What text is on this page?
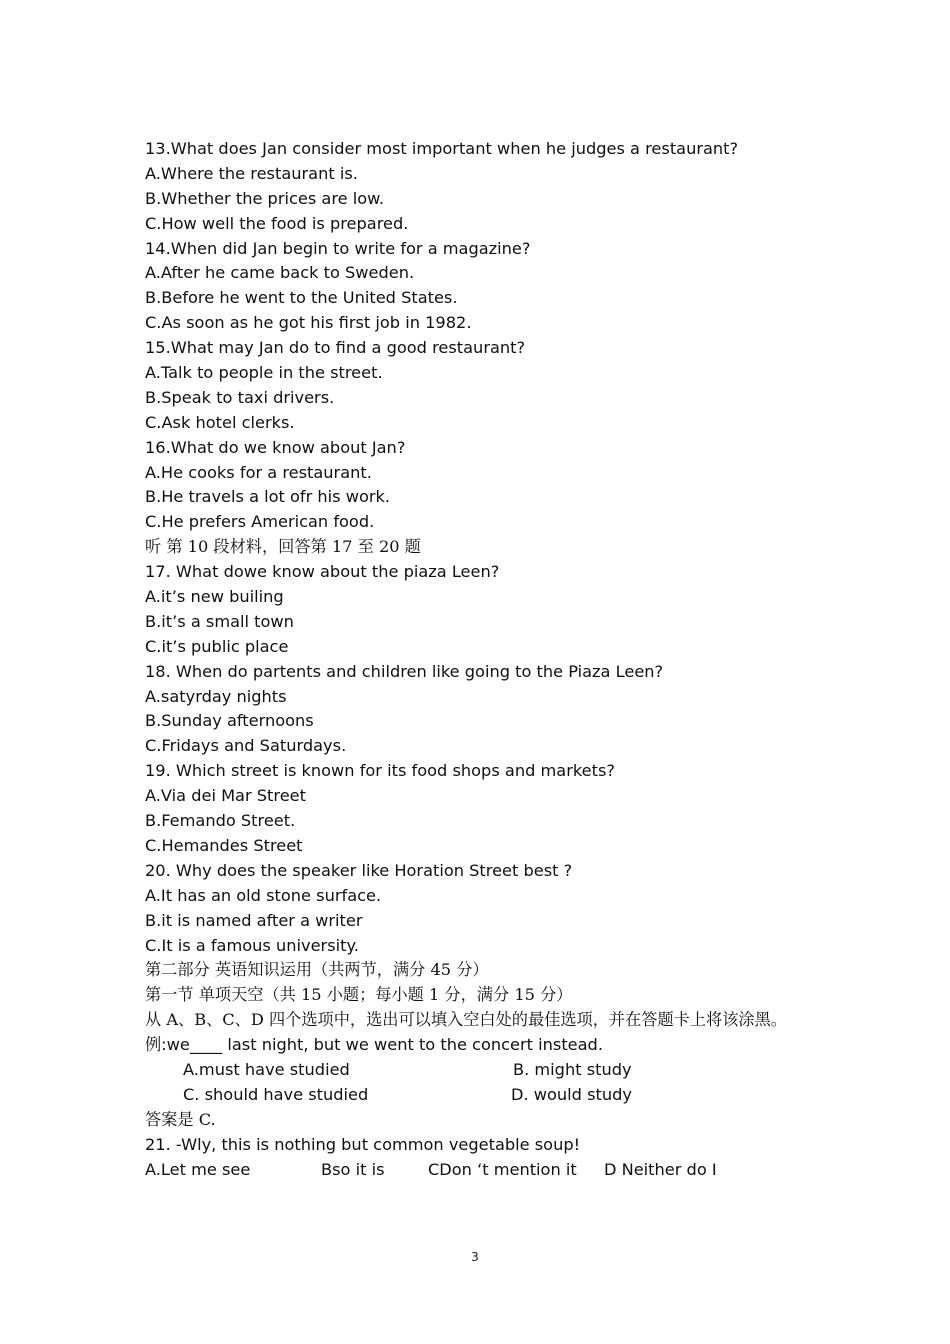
13.What does Jan consider most important when he judges a restaurant?
A.Where the restaurant is.
B.Whether the prices are low.
C.How well the food is prepared.
14.When did Jan begin to write for a magazine?
A.After he came back to Sweden.
B.Before he went to the United States.
C.As soon as he got his first job in 1982.
15.What may Jan do to find a good restaurant?
A.Talk to people in the street.
B.Speak to taxi drivers.
C.Ask hotel clerks.
16.What do we know about Jan?
A.He cooks for a restaurant.
B.He travels a lot ofr his work.
C.He prefers American food.
听 第 10 段材料，回答第 17 至 20 题
17. What dowe know about the piaza Leen?
A.it’s new builing
B.it’s a small town
C.it’s public place
18. When do partents and children like going to the Piaza Leen?
A.satyrday nights
B.Sunday afternoons
C.Fridays and Saturdays.
19. Which street is known for its food shops and markets?
A.Via dei Mar Street
B.Femando Street.
C.Hemandes Street
20. Why does the speaker like Horation Street best ?
A.It has an old stone surface.
B.it is named after a writer
C.It is a famous university.
第二部分 英语知识运用（共两节，满分 45 分）
第一节 单项天空（共 15 小题；每小题 1 分，满分 15 分）
从 A、B、C、D 四个选项中，选出可以填入空白处的最佳选项，并在答题卡上将该涂黑。
例:we____ last night, but we went to the concert instead.
A.must have studied	B. might study
C. should have studied	D. would study
答案是 C.
21. -Wly, this is nothing but common vegetable soup!
A.Let me see	Bso it is	CDon ‘t mention it D Neither do I
3
